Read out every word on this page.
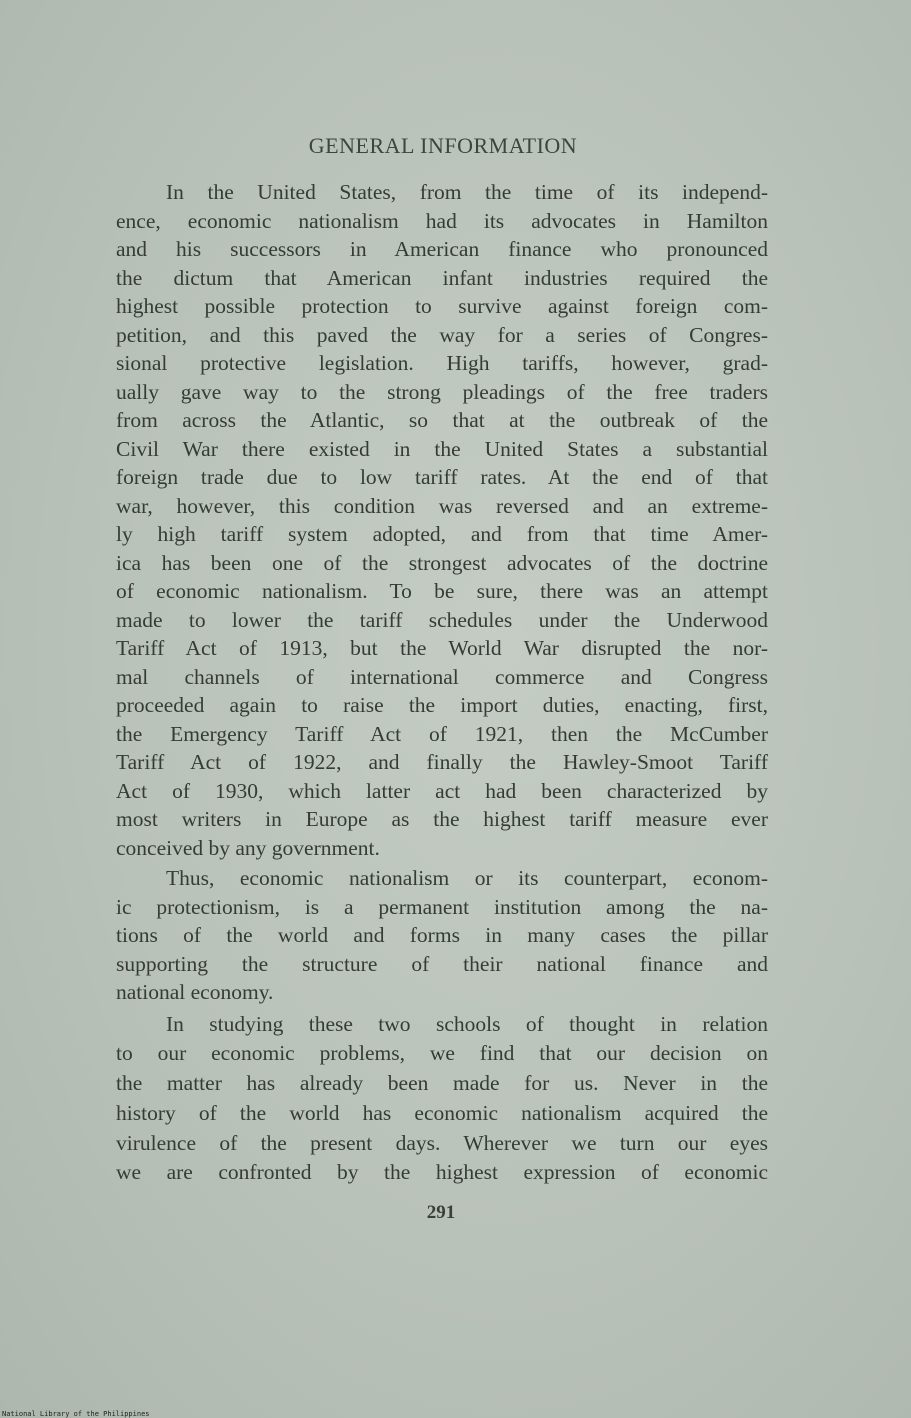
GENERAL INFORMATION
In the United States, from the time of its independ-
ence, economic nationalism had its advocates in Hamilton
and his successors in American finance who pronounced
the dictum that American infant industries required the
highest possible protection to survive against foreign com-
petition, and this paved the way for a series of Congres-
sional protective legislation. High tariffs, however, grad-
ually gave way to the strong pleadings of the free traders
from across the Atlantic, so that at the outbreak of the
Civil War there existed in the United States a substantial
foreign trade due to low tariff rates. At the end of that
war, however, this condition was reversed and an extreme-
ly high tariff system adopted, and from that time Amer-
ica has been one of the strongest advocates of the doctrine
of economic nationalism. To be sure, there was an attempt
made to lower the tariff schedules under the Underwood
Tariff Act of 1913, but the World War disrupted the nor-
mal channels of international commerce and Congress
proceeded again to raise the import duties, enacting, first,
the Emergency Tariff Act of 1921, then the McCumber
Tariff Act of 1922, and finally the Hawley-Smoot Tariff
Act of 1930, which latter act had been characterized by
most writers in Europe as the highest tariff measure ever
conceived by any government.
Thus, economic nationalism or its counterpart, econom-
ic protectionism, is a permanent institution among the na-
tions of the world and forms in many cases the pillar
supporting the structure of their national finance and
national economy.
In studying these two schools of thought in relation
to our economic problems, we find that our decision on
the matter has already been made for us. Never in the
history of the world has economic nationalism acquired the
virulence of the present days. Wherever we turn our eyes
we are confronted by the highest expression of economic
291
National Library of the Philippines
